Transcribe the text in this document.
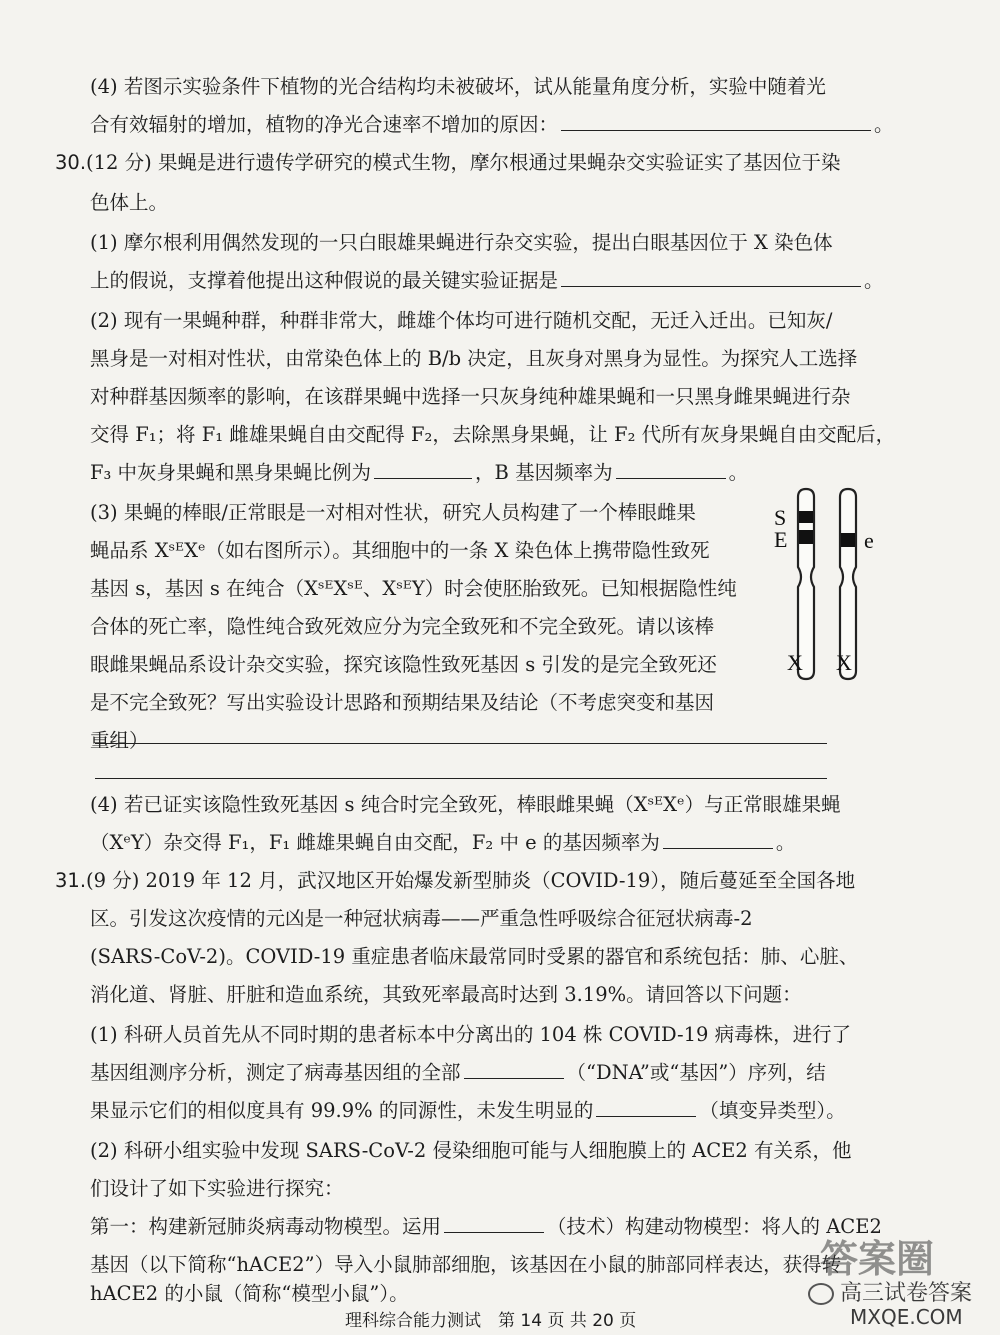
(4) 若图示实验条件下植物的光合结构均未被破坏，试从能量角度分析，实验中随着光
合有效辐射的增加，植物的净光合速率不增加的原因：	。
30.(12 分) 果蝇是进行遗传学研究的模式生物，摩尔根通过果蝇杂交实验证实了基因位于染
色体上。
(1) 摩尔根利用偶然发现的一只白眼雄果蝇进行杂交实验，提出白眼基因位于 X 染色体
上的假说，支撑着他提出这种假说的最关键实验证据是	。
(2) 现有一果蝇种群，种群非常大，雌雄个体均可进行随机交配，无迁入迁出。已知灰/
黑身是一对相对性状，由常染色体上的 B/b 决定，且灰身对黑身为显性。为探究人工选择
对种群基因频率的影响，在该群果蝇中选择一只灰身纯种雄果蝇和一只黑身雌果蝇进行杂
交得 F₁；将 F₁ 雌雄果蝇自由交配得 F₂，去除黑身果蝇，让 F₂ 代所有灰身果蝇自由交配后，
F₃ 中灰身果蝇和黑身果蝇比例为	，B 基因频率为	。
(3) 果蝇的棒眼/正常眼是一对相对性状，研究人员构建了一个棒眼雌果
蝇品系 XˢᴱXᵉ（如右图所示）。其细胞中的一条 X 染色体上携带隐性致死
基因 s，基因 s 在纯合（XˢᴱXˢᴱ、XˢᴱY）时会使胚胎致死。已知根据隐性纯
合体的死亡率，隐性纯合致死效应分为完全致死和不完全致死。请以该棒
眼雌果蝇品系设计杂交实验，探究该隐性致死基因 s 引发的是完全致死还
是不完全致死？写出实验设计思路和预期结果及结论（不考虑突变和基因
重组）
S
E	e
X X
(4) 若已证实该隐性致死基因 s 纯合时完全致死，棒眼雌果蝇（XˢᴱXᵉ）与正常眼雄果蝇
（XᵉY）杂交得 F₁，F₁ 雌雄果蝇自由交配，F₂ 中 e 的基因频率为	。
31.(9 分) 2019 年 12 月，武汉地区开始爆发新型肺炎（COVID-19），随后蔓延至全国各地
区。引发这次疫情的元凶是一种冠状病毒——严重急性呼吸综合征冠状病毒-2
(SARS-CoV-2)。COVID-19 重症患者临床最常同时受累的器官和系统包括：肺、心脏、
消化道、肾脏、肝脏和造血系统，其致死率最高时达到 3.19%。请回答以下问题：
(1) 科研人员首先从不同时期的患者标本中分离出的 104 株 COVID-19 病毒株，进行了
基因组测序分析，测定了病毒基因组的全部	（“DNA”或“基因”）序列，结
果显示它们的相似度具有 99.9% 的同源性，未发生明显的	（填变异类型）。
(2) 科研小组实验中发现 SARS-CoV-2 侵染细胞可能与人细胞膜上的 ACE2 有关系，他
们设计了如下实验进行探究：
第一：构建新冠肺炎病毒动物模型。运用	（技术）构建动物模型：将人的 ACE2
基因（以下简称“hACE2”）导入小鼠肺部细胞，该基因在小鼠的肺部同样表达，获得转
hACE2 的小鼠（简称“模型小鼠”）。
理科综合能力测试　第 14 页 共 20 页
答案圈
高三试卷答案
MXQE.COM
